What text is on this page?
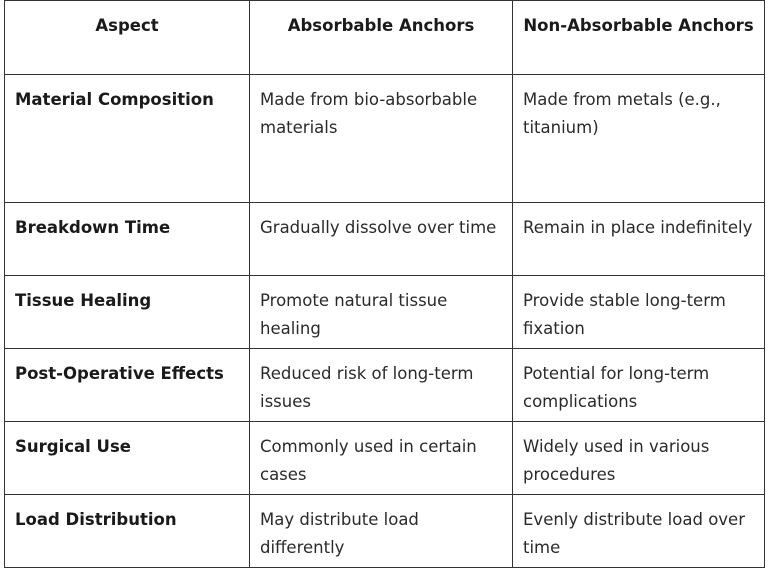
Aspect	Absorbable Anchors	Non-Absorbable Anchors
Material Composition	Made from bio-absorbable materials	Made from metals (e.g., titanium)
Breakdown Time	Gradually dissolve over time	Remain in place indefinitely
Tissue Healing	Promote natural tissue healing	Provide stable long-term fixation
Post-Operative Effects	Reduced risk of long-term issues	Potential for long-term complications
Surgical Use	Commonly used in certain cases	Widely used in various procedures
Load Distribution	May distribute load differently	Evenly distribute load over time
